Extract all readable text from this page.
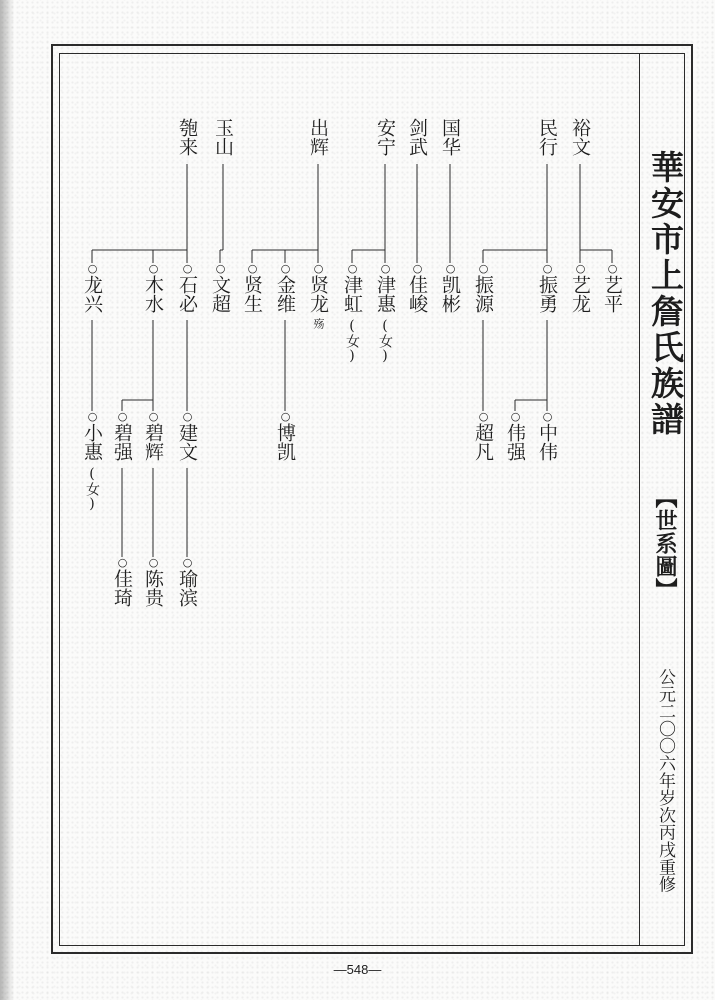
華安市上詹氏族譜
【世系圖】
公元二〇〇六年岁次丙戌重修
裕文
民行
国华
剑武
安宁
出辉
玉山
匏来
○艺平
○艺龙
○振勇
○振源
○凯彬
○佳峻
○津惠
(女)
○津虹
(女)
○贤龙
殇
○金维
○贤生
○文超
○石必
○木水
○龙兴
○中伟
○伟强
○超凡
○博凯
○建文
○碧辉
○碧强
○小惠
(女)
○瑜滨
○陈贵
○佳琦
—548—
